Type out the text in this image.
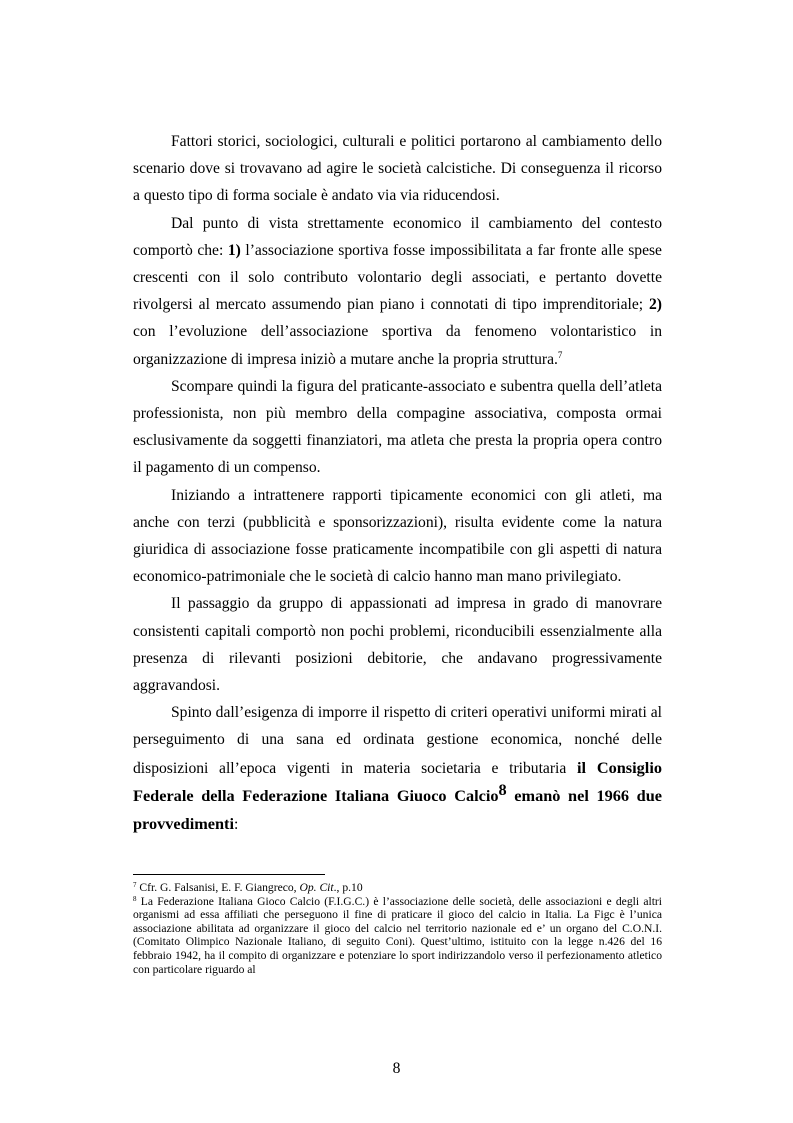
Fattori storici, sociologici, culturali e politici portarono al cambiamento dello scenario dove si trovavano ad agire le società calcistiche. Di conseguenza il ricorso a questo tipo di forma sociale è andato via via riducendosi.

Dal punto di vista strettamente economico il cambiamento del contesto comportò che: 1) l’associazione sportiva fosse impossibilitata a far fronte alle spese crescenti con il solo contributo volontario degli associati, e pertanto dovette rivolgersi al mercato assumendo pian piano i connotati di tipo imprenditoriale; 2) con l’evoluzione dell’associazione sportiva da fenomeno volontaristico in organizzazione di impresa iniziò a mutare anche la propria struttura.$^7$

Scompare quindi la figura del praticante-associato e subentra quella dell’atleta professionista, non più membro della compagine associativa, composta ormai esclusivamente da soggetti finanziatori, ma atleta che presta la propria opera contro il pagamento di un compenso.

Iniziando a intrattenere rapporti tipicamente economici con gli atleti, ma anche con terzi (pubblicità e sponsorizzazioni), risulta evidente come la natura giuridica di associazione fosse praticamente incompatibile con gli aspetti di natura economico-patrimoniale che le società di calcio hanno man mano privilegiato.

Il passaggio da gruppo di appassionati ad impresa in grado di manovrare consistenti capitali comportò non pochi problemi, riconducibili essenzialmente alla presenza di rilevanti posizioni debitorie, che andavano progressivamente aggravandosi.

Spinto dall’esigenza di imporre il rispetto di criteri operativi uniformi mirati al perseguimento di una sana ed ordinata gestione economica, nonché delle disposizioni all’epoca vigenti in materia societaria e tributaria il Consiglio Federale della Federazione Italiana Giuoco Calcio$^8$ emanò nel 1966 due provvedimenti:

$^7$ Cfr. G. Falsanisi, E. F. Giangreco, Op. Cit., p.10

$^8$ La Federazione Italiana Gioco Calcio (F.I.G.C.) è l’associazione delle società, delle associazioni e degli altri organismi ad essa affiliati che perseguono il fine di praticare il gioco del calcio in Italia. La Figc è l’unica associazione abilitata ad organizzare il gioco del calcio nel territorio nazionale ed e’ un organo del C.O.N.I. (Comitato Olimpico Nazionale Italiano, di seguito Coni). Quest’ultimo, istituito con la legge n.426 del 16 febbraio 1942, ha il compito di organizzare e potenziare lo sport indirizzandolo verso il perfezionamento atletico con particolare riguardo al

8
